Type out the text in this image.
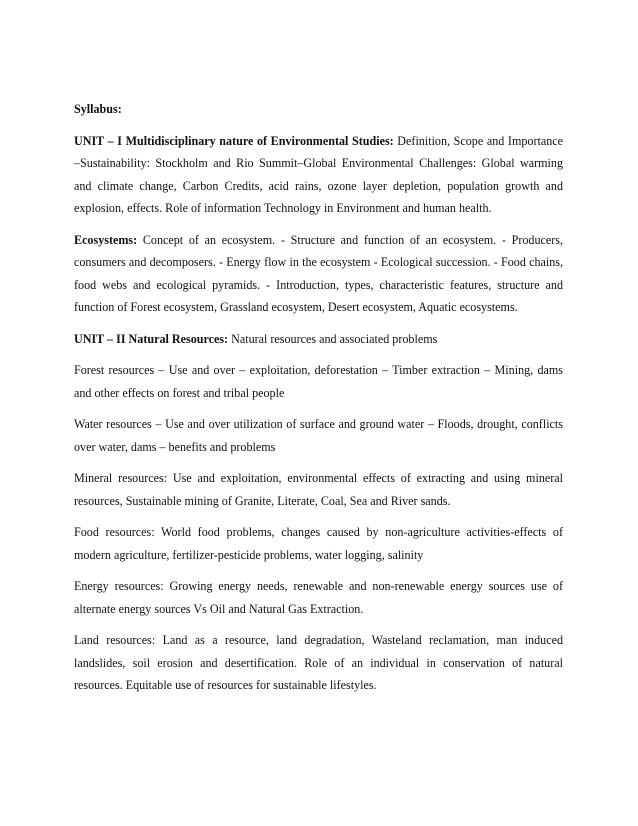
Syllabus:

UNIT – I Multidisciplinary nature of Environmental Studies: Definition, Scope and Importance –Sustainability: Stockholm and Rio Summit–Global Environmental Challenges: Global warming and climate change, Carbon Credits, acid rains, ozone layer depletion, population growth and explosion, effects. Role of information Technology in Environment and human health.

Ecosystems: Concept of an ecosystem. - Structure and function of an ecosystem. - Producers, consumers and decomposers. - Energy flow in the ecosystem - Ecological succession. - Food chains, food webs and ecological pyramids. - Introduction, types, characteristic features, structure and function of Forest ecosystem, Grassland ecosystem, Desert ecosystem, Aquatic ecosystems.

UNIT – II Natural Resources: Natural resources and associated problems

Forest resources – Use and over – exploitation, deforestation – Timber extraction – Mining, dams and other effects on forest and tribal people

Water resources – Use and over utilization of surface and ground water – Floods, drought, conflicts over water, dams – benefits and problems

Mineral resources: Use and exploitation, environmental effects of extracting and using mineral resources, Sustainable mining of Granite, Literate, Coal, Sea and River sands.

Food resources: World food problems, changes caused by non-agriculture activities-effects of modern agriculture, fertilizer-pesticide problems, water logging, salinity

Energy resources: Growing energy needs, renewable and non-renewable energy sources use of alternate energy sources Vs Oil and Natural Gas Extraction.

Land resources: Land as a resource, land degradation, Wasteland reclamation, man induced landslides, soil erosion and desertification. Role of an individual in conservation of natural resources. Equitable use of resources for sustainable lifestyles.
